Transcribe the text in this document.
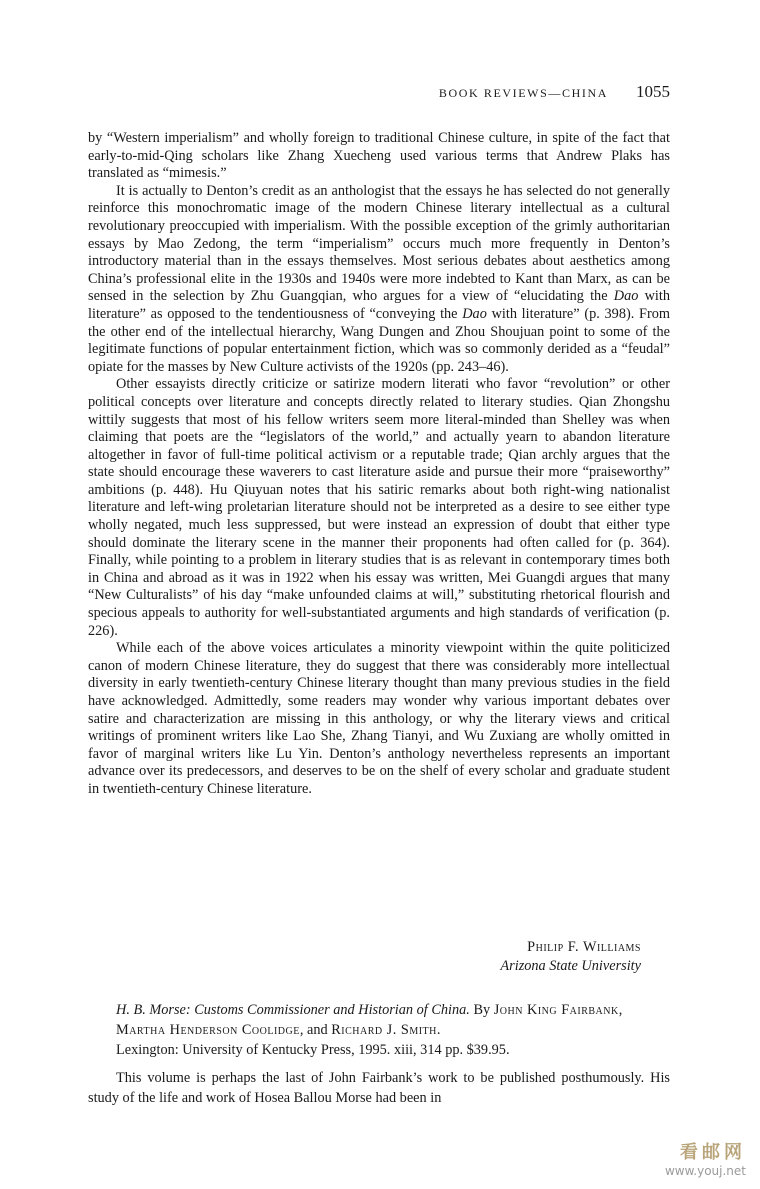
BOOK REVIEWS—CHINA 1055

by “Western imperialism” and wholly foreign to traditional Chinese culture, in spite of the fact that early-to-mid-Qing scholars like Zhang Xuecheng used various terms that Andrew Plaks has translated as “mimesis.”

It is actually to Denton’s credit as an anthologist that the essays he has selected do not generally reinforce this monochromatic image of the modern Chinese literary intellectual as a cultural revolutionary preoccupied with imperialism. With the possible exception of the grimly authoritarian essays by Mao Zedong, the term “imperialism” occurs much more frequently in Denton’s introductory material than in the essays themselves. Most serious debates about aesthetics among China’s professional elite in the 1930s and 1940s were more indebted to Kant than Marx, as can be sensed in the selection by Zhu Guangqian, who argues for a view of “elucidating the Dao with literature” as opposed to the tendentiousness of “conveying the Dao with literature” (p. 398). From the other end of the intellectual hierarchy, Wang Dungen and Zhou Shoujuan point to some of the legitimate functions of popular entertainment fiction, which was so commonly derided as a “feudal” opiate for the masses by New Culture activists of the 1920s (pp. 243–46).

Other essayists directly criticize or satirize modern literati who favor “revolution” or other political concepts over literature and concepts directly related to literary studies. Qian Zhongshu wittily suggests that most of his fellow writers seem more literal-minded than Shelley was when claiming that poets are the “legislators of the world,” and actually yearn to abandon literature altogether in favor of full-time political activism or a reputable trade; Qian archly argues that the state should encourage these waverers to cast literature aside and pursue their more “praiseworthy” ambitions (p. 448). Hu Qiuyuan notes that his satiric remarks about both right-wing nationalist literature and left-wing proletarian literature should not be interpreted as a desire to see either type wholly negated, much less suppressed, but were instead an expression of doubt that either type should dominate the literary scene in the manner their proponents had often called for (p. 364). Finally, while pointing to a problem in literary studies that is as relevant in contemporary times both in China and abroad as it was in 1922 when his essay was written, Mei Guangdi argues that many “New Culturalists” of his day “make unfounded claims at will,” substituting rhetorical flourish and specious appeals to authority for well-substantiated arguments and high standards of verification (p. 226).

While each of the above voices articulates a minority viewpoint within the quite politicized canon of modern Chinese literature, they do suggest that there was considerably more intellectual diversity in early twentieth-century Chinese literary thought than many previous studies in the field have acknowledged. Admittedly, some readers may wonder why various important debates over satire and characterization are missing in this anthology, or why the literary views and critical writings of prominent writers like Lao She, Zhang Tianyi, and Wu Zuxiang are wholly omitted in favor of marginal writers like Lu Yin. Denton’s anthology nevertheless represents an important advance over its predecessors, and deserves to be on the shelf of every scholar and graduate student in twentieth-century Chinese literature.

Philip F. Williams
Arizona State University
H. B. Morse: Customs Commissioner and Historian of China. By John King Fairbank, Martha Henderson Coolidge, and Richard J. Smith.
Lexington: University of Kentucky Press, 1995. xiii, 314 pp. $39.95.

This volume is perhaps the last of John Fairbank’s work to be published posthumously. His study of the life and work of Hosea Ballou Morse had been in

看邮网
www.youj.net
